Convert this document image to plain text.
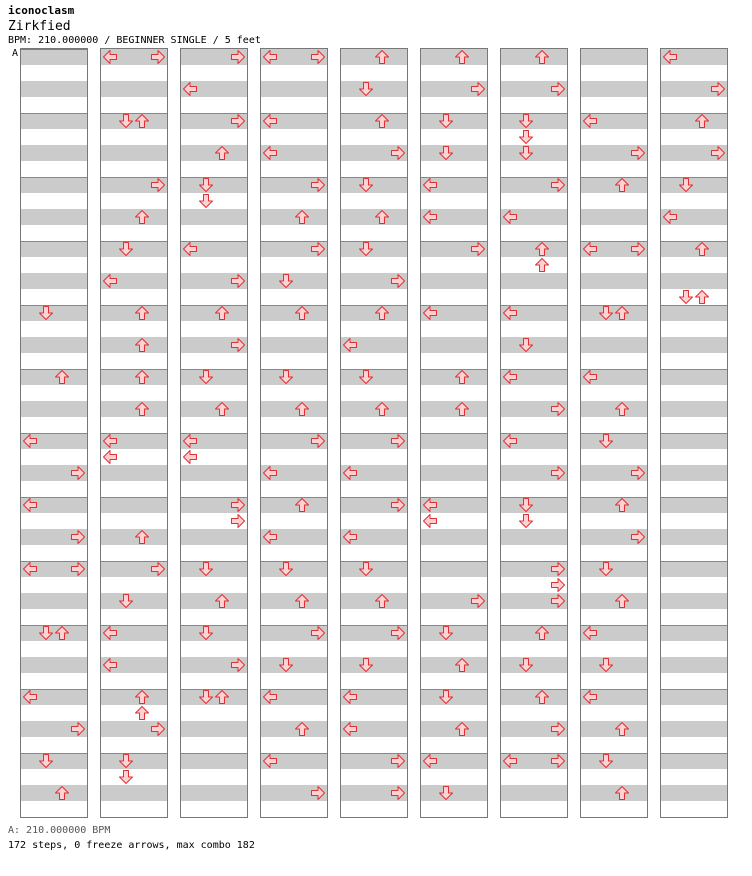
iconoclasm
Zirkfied
BPM: 210.000000 / BEGINNER SINGLE / 5 feet
A
A: 210.000000 BPM
172 steps, 0 freeze arrows, max combo 182
